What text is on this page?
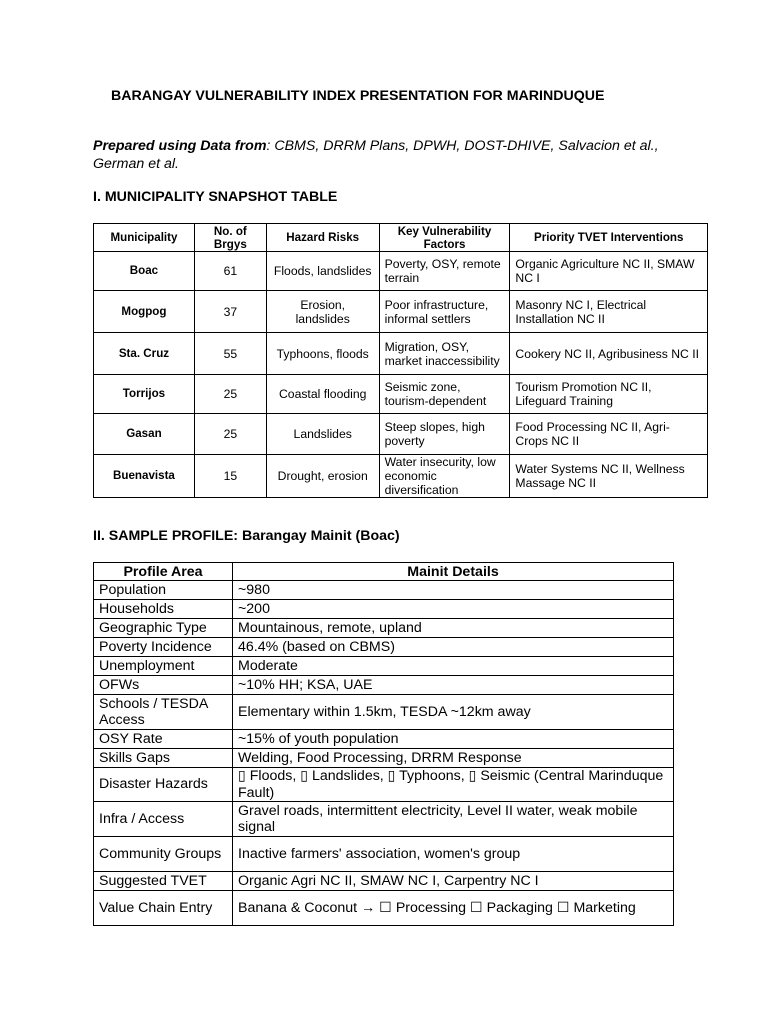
BARANGAY VULNERABILITY INDEX PRESENTATION FOR MARINDUQUE
Prepared using Data from: CBMS, DRRM Plans, DPWH, DOST-DHIVE, Salvacion et al., German et al.
I. MUNICIPALITY SNAPSHOT TABLE
Municipality	No. of Brgys	Hazard Risks	Key Vulnerability Factors	Priority TVET Interventions
Boac	61	Floods, landslides	Poverty, OSY, remote terrain	Organic Agriculture NC II, SMAW NC I
Mogpog	37	Erosion, landslides	Poor infrastructure, informal settlers	Masonry NC I, Electrical Installation NC II
Sta. Cruz	55	Typhoons, floods	Migration, OSY, market inaccessibility	Cookery NC II, Agribusiness NC II
Torrijos	25	Coastal flooding	Seismic zone, tourism-dependent	Tourism Promotion NC II, Lifeguard Training
Gasan	25	Landslides	Steep slopes, high poverty	Food Processing NC II, Agri-Crops NC II
Buenavista	15	Drought, erosion	Water insecurity, low economic diversification	Water Systems NC II, Wellness Massage NC II
II. SAMPLE PROFILE: Barangay Mainit (Boac)
Profile Area	Mainit Details
Population	~980
Households	~200
Geographic Type	Mountainous, remote, upland
Poverty Incidence	46.4% (based on CBMS)
Unemployment	Moderate
OFWs	~10% HH; KSA, UAE
Schools / TESDA Access	Elementary within 1.5km, TESDA ~12km away
OSY Rate	~15% of youth population
Skills Gaps	Welding, Food Processing, DRRM Response
Disaster Hazards	▯ Floods, ▯ Landslides, ▯ Typhoons, ▯ Seismic (Central Marinduque Fault)
Infra / Access	Gravel roads, intermittent electricity, Level II water, weak mobile signal
Community Groups	Inactive farmers' association, women's group
Suggested TVET	Organic Agri NC II, SMAW NC I, Carpentry NC I
Value Chain Entry	Banana & Coconut → ☐ Processing ☐ Packaging ☐ Marketing
